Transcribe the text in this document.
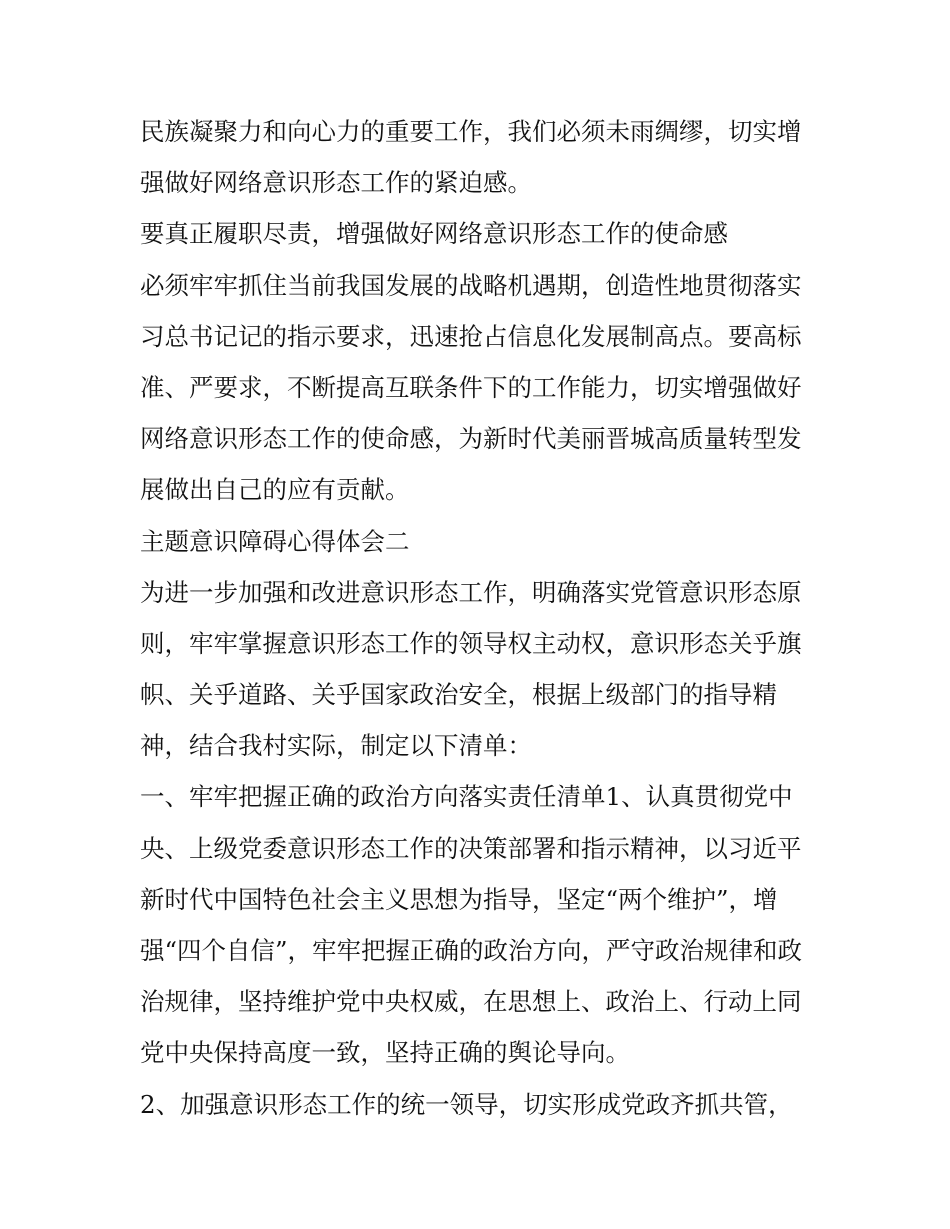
民族凝聚力和向心力的重要工作，我们必须未雨绸缪，切实增
强做好网络意识形态工作的紧迫感。
要真正履职尽责，增强做好网络意识形态工作的使命感
必须牢牢抓住当前我国发展的战略机遇期，创造性地贯彻落实
习总书记记的指示要求，迅速抢占信息化发展制高点。要高标
准、严要求，不断提高互联条件下的工作能力，切实增强做好
网络意识形态工作的使命感，为新时代美丽晋城高质量转型发
展做出自己的应有贡献。
主题意识障碍心得体会二
为进一步加强和改进意识形态工作，明确落实党管意识形态原
则，牢牢掌握意识形态工作的领导权主动权，意识形态关乎旗
帜、关乎道路、关乎国家政治安全，根据上级部门的指导精
神，结合我村实际，制定以下清单：
一、牢牢把握正确的政治方向落实责任清单1、认真贯彻党中
央、上级党委意识形态工作的决策部署和指示精神，以习近平
新时代中国特色社会主义思想为指导，坚定“两个维护”，增
强“四个自信”，牢牢把握正确的政治方向，严守政治规律和政
治规律，坚持维护党中央权威，在思想上、政治上、行动上同
党中央保持高度一致，坚持正确的舆论导向。
2、加强意识形态工作的统一领导，切实形成党政齐抓共管，
